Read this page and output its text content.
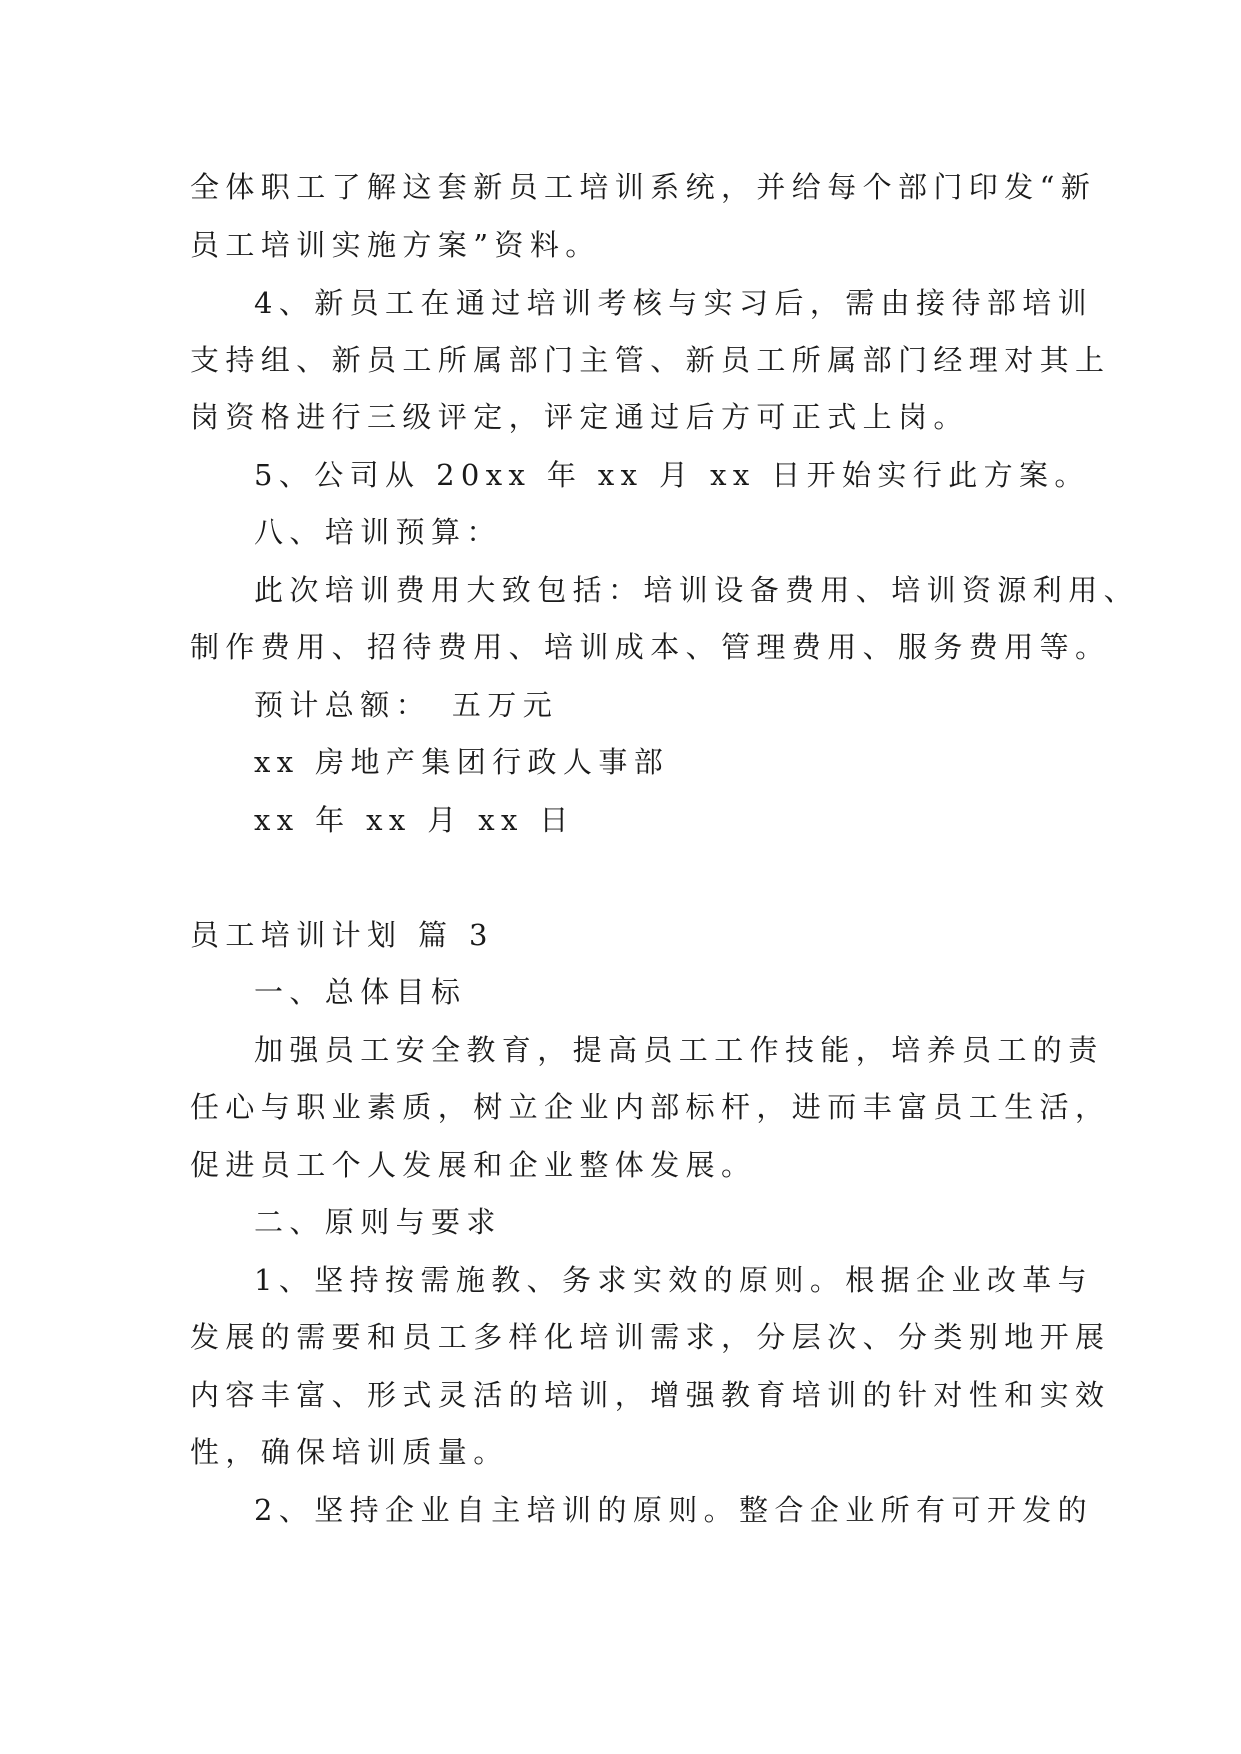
全体职工了解这套新员工培训系统，并给每个部门印发“新
员工培训实施方案”资料。
4、新员工在通过培训考核与实习后，需由接待部培训
支持组、新员工所属部门主管、新员工所属部门经理对其上
岗资格进行三级评定，评定通过后方可正式上岗。
5、公司从 20xx 年 xx 月 xx 日开始实行此方案。
八、培训预算：
此次培训费用大致包括：培训设备费用、培训资源利用、
制作费用、招待费用、培训成本、管理费用、服务费用等。
预计总额：　五万元
xx 房地产集团行政人事部
xx 年 xx 月 xx 日
员工培训计划 篇 3
一、总体目标
加强员工安全教育，提高员工工作技能，培养员工的责
任心与职业素质，树立企业内部标杆，进而丰富员工生活，
促进员工个人发展和企业整体发展。
二、原则与要求
1、坚持按需施教、务求实效的原则。根据企业改革与
发展的需要和员工多样化培训需求，分层次、分类别地开展
内容丰富、形式灵活的培训，增强教育培训的针对性和实效
性，确保培训质量。
2、坚持企业自主培训的原则。整合企业所有可开发的
